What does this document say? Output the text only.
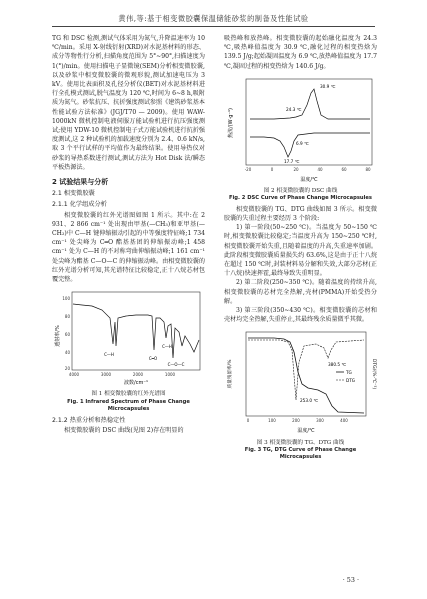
黄伟,等:基于相变微胶囊保温储能砂浆的制备及性能试验

TG 和 DSC 检测,测试气体采用为氮气,升降温速率为 10 ℃/min。采用 X-射线衍射(XRD)对水泥基材料的形态、成分等物性行分析,扫描角度范围为 5°~90°,扫描速度为 1(°)/min。使用扫描电子显微镜(SEM)分析相变微胶囊,以及砂浆中相变微胶囊的微观形貌,测试加速电压为 3 kV。使用比表面积及孔径分析仪(BET)对水泥基材料进行全孔模式测试,脱气温度为 120 ℃,时间为 6~8 h,吸附质为氮气。砂浆抗压、抗折强度测试参照《建筑砂浆基本性能试验方法标准》(JGJ/T70 — 2009)。使用 WAW-1000kN 微机控制电液伺服万能试验机进行抗压强度测试;使用 YDW-10 微机控制电子式万能试验机进行抗折强度测试,这 2 种试验机的加载速度分别为 2.4、0.6 kN/s,取 3 个平行试样的平均值作为最终结果。使用导热仪对砂浆的导热系数进行测试,测试方法为 Hot Disk 法/瞬态平板热源法。

2 试验结果与分析
2.1 相变微胶囊
2.1.1 化学组成分析

相变微胶囊的红外光谱图如图 1 所示。其中:在 2 931、2 866 cm⁻¹ 处出现由甲基(—CH₃)和亚甲基(—CH₂)中 C—H 键伸缩振动引起的中等强度特征峰;1 734 cm⁻¹ 处尖峰为 C═O 酯基基团的伸缩振动峰;1 458 cm⁻¹ 处为 C—H 的不对称弯曲伸缩振动峰;1 161 cm⁻¹ 处尖峰为酯基 C—O—C 的伸缩振动峰。由相变微胶囊的红外光谱分析可知,其光谱特征比较稳定,正十八烷芯材包覆完整。

透射率/%
波数/cm⁻¹
4000	3000	2000	1000
100
80
60
40
20
C—H
C═O
C—H
C—O—C
图 1 相变微胶囊的红外光谱图
Fig. 1 Infrared Spectrum of Phase Change Microcapsules
2.1.2 热重分析和热稳定性

相变微胶囊的 DSC 曲线(见图 2)存在明显的

吸热峰和放热峰。相变微胶囊的起始融化温度为 24.3 ℃,吸热峰值温度为 30.9 ℃,融化过程的相变热焓为 139.5 J/g;起始凝固温度为 6.9 ℃,放热峰值温度为 17.7 ℃,凝固过程的相变热焓为 140.6 J/g。

热流/(W·g⁻¹)
温度/℃
-20	0	20	40	60	80
30.9 ℃
24.3 ℃
6.9 ℃
17.7 ℃
图 2 相变微胶囊的 DSC 曲线
Fig. 2 DSC Curve of Phase Change Microcapsules

相变微胶囊的 TG、DTG 曲线如图 3 所示。相变微胶囊的失重过程主要经历 3 个阶段:

1) 第一阶段(50~250 ℃)。当温度为 50~150 ℃时,相变微胶囊比较稳定;当温度升高为 150~250 ℃时,相变微胶囊开始失重,且随着温度的升高,失重速率加剧。此阶段相变微胶囊质量损失约 63.6%,这是由于正十八烷在超过 150 ℃时,封装材料易分解和失效,大部分芯材(正十八烷)快速挥霍,最终导致失重明显。

2) 第二阶段(250~350 ℃)。随着温度的持续升高,相变微胶囊的芯材完全热解,壳材(PMMA)开始受热分解。

3) 第三阶段(350~430 ℃)。相变微胶囊的芯材和壳材均完全热解,失重停止,其最终残余质量微乎其微。

质量残留率/%	DTG/(%·℃⁻¹)
温度/℃
0	100	200	300	400
253.0 ℃
380.5 ℃
TG
DTG
图 3 相变微胶囊的 TG、DTG 曲线
Fig. 3 TG, DTG Curve of Phase Change Microcapsules
· 53 ·
